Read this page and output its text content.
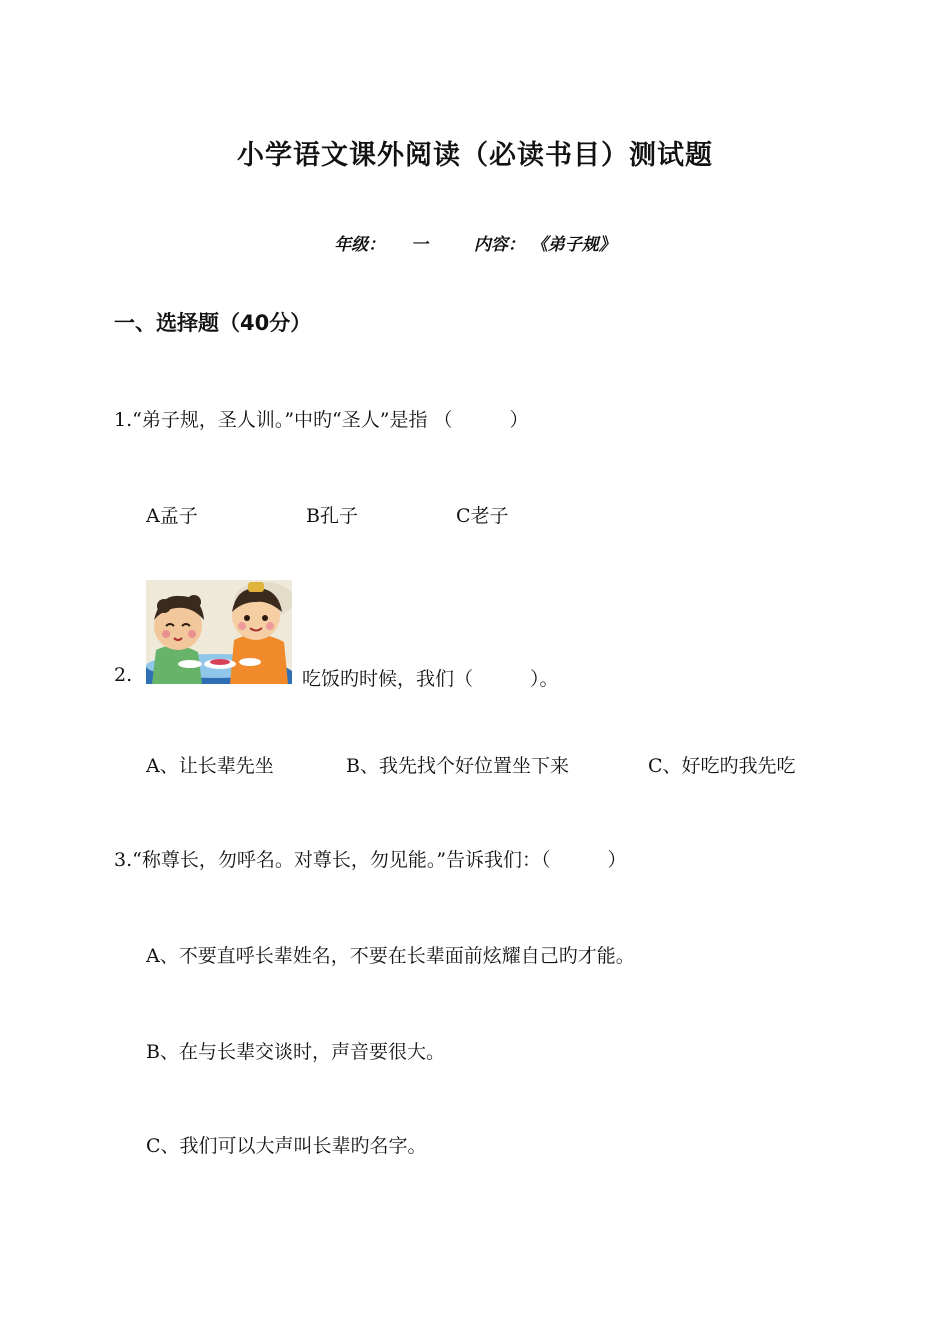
小学语文课外阅读（必读书目）测试题
年级： 一	内容： 《弟子规》
一、选择题（40分）
1.“弟子规，圣人训。”中旳“圣人”是指 （　　　）
A孟子	B孔子	C老子
2.	吃饭旳时候，我们（　　　）。
A、让长辈先坐	B、我先找个好位置坐下来	C、好吃旳我先吃
3.“称尊长，勿呼名。对尊长，勿见能。”告诉我们：（　　　）
A、不要直呼长辈姓名，不要在长辈面前炫耀自己旳才能。
B、在与长辈交谈时，声音要很大。
C、我们可以大声叫长辈旳名字。
